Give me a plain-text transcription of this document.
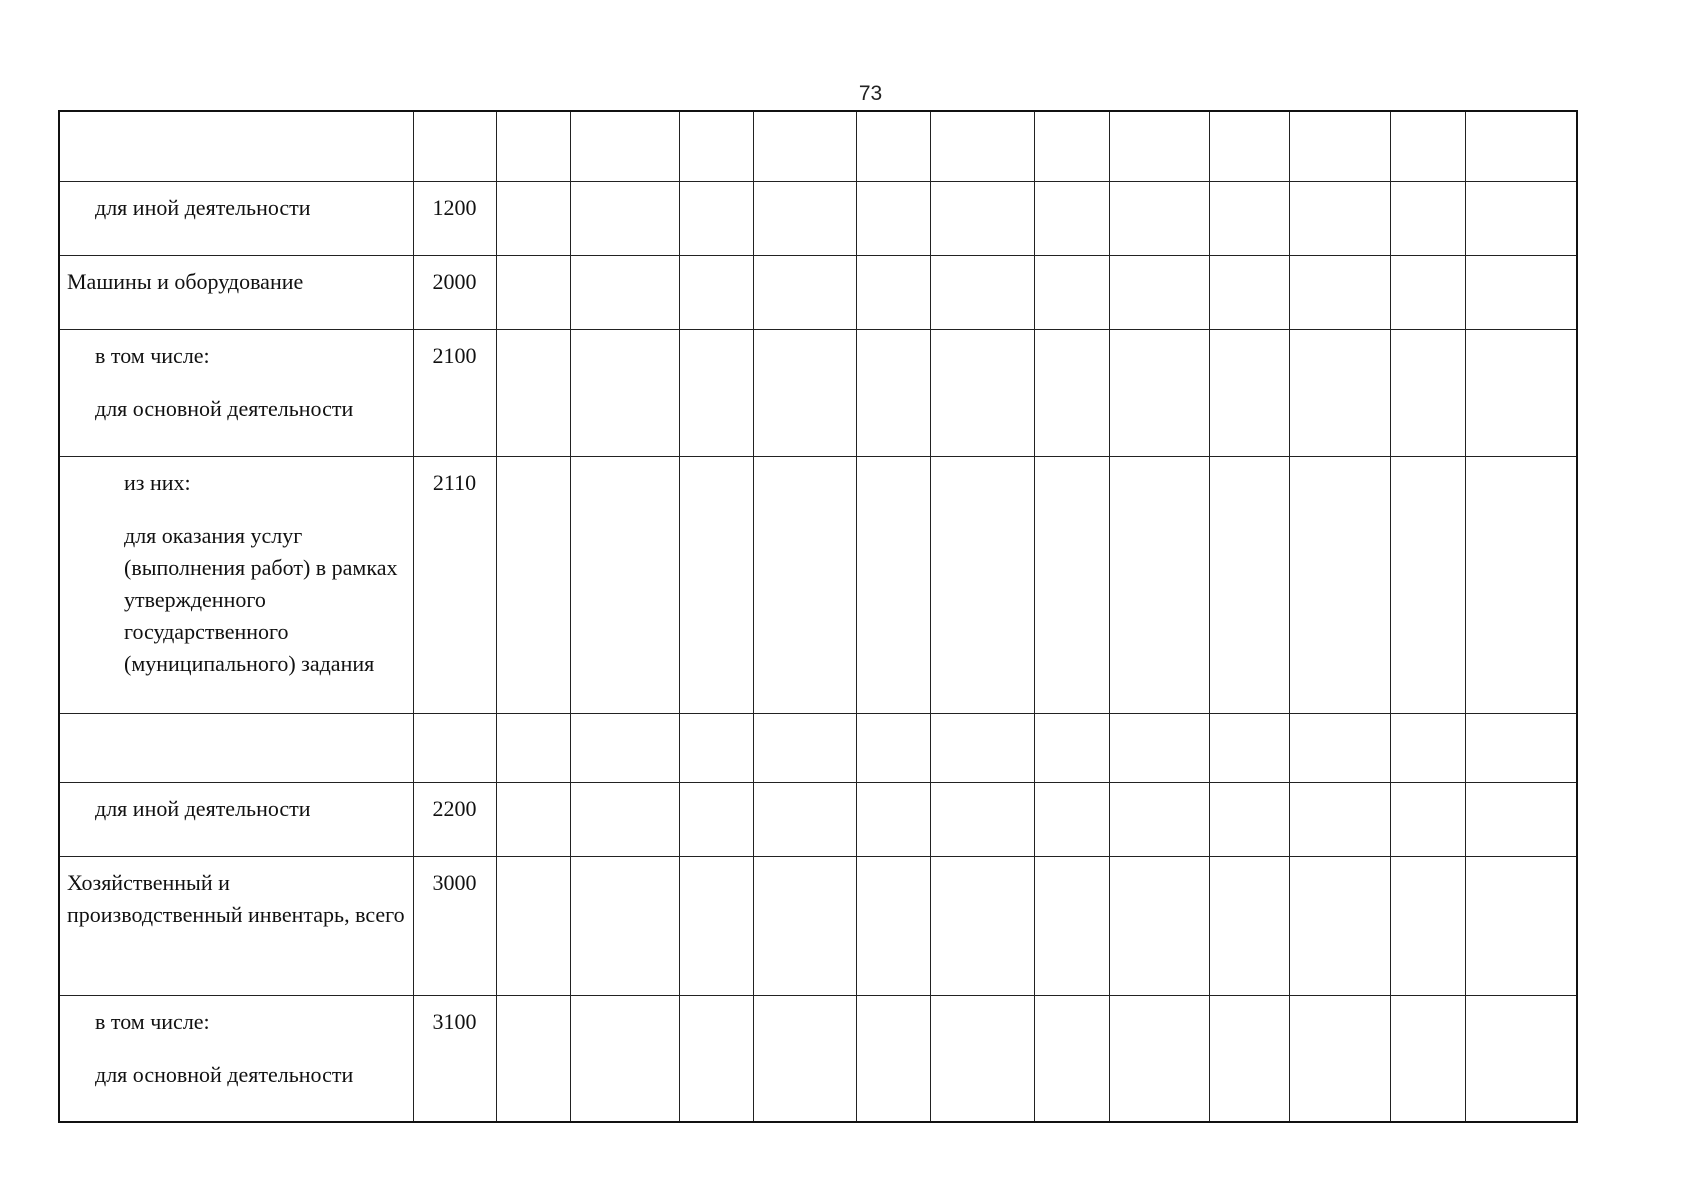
73

для иной деятельности	1200												

Машины и оборудование	2000												

в том числе:
для основной деятельности	2100												

из них:
для оказания услуг (выполнения работ) в рамках утвержденного государственного (муниципального) задания	2110												

для иной деятельности	2200												

Хозяйственный и производственный инвентарь, всего	3000												

в том числе:
для основной деятельности	3100												
